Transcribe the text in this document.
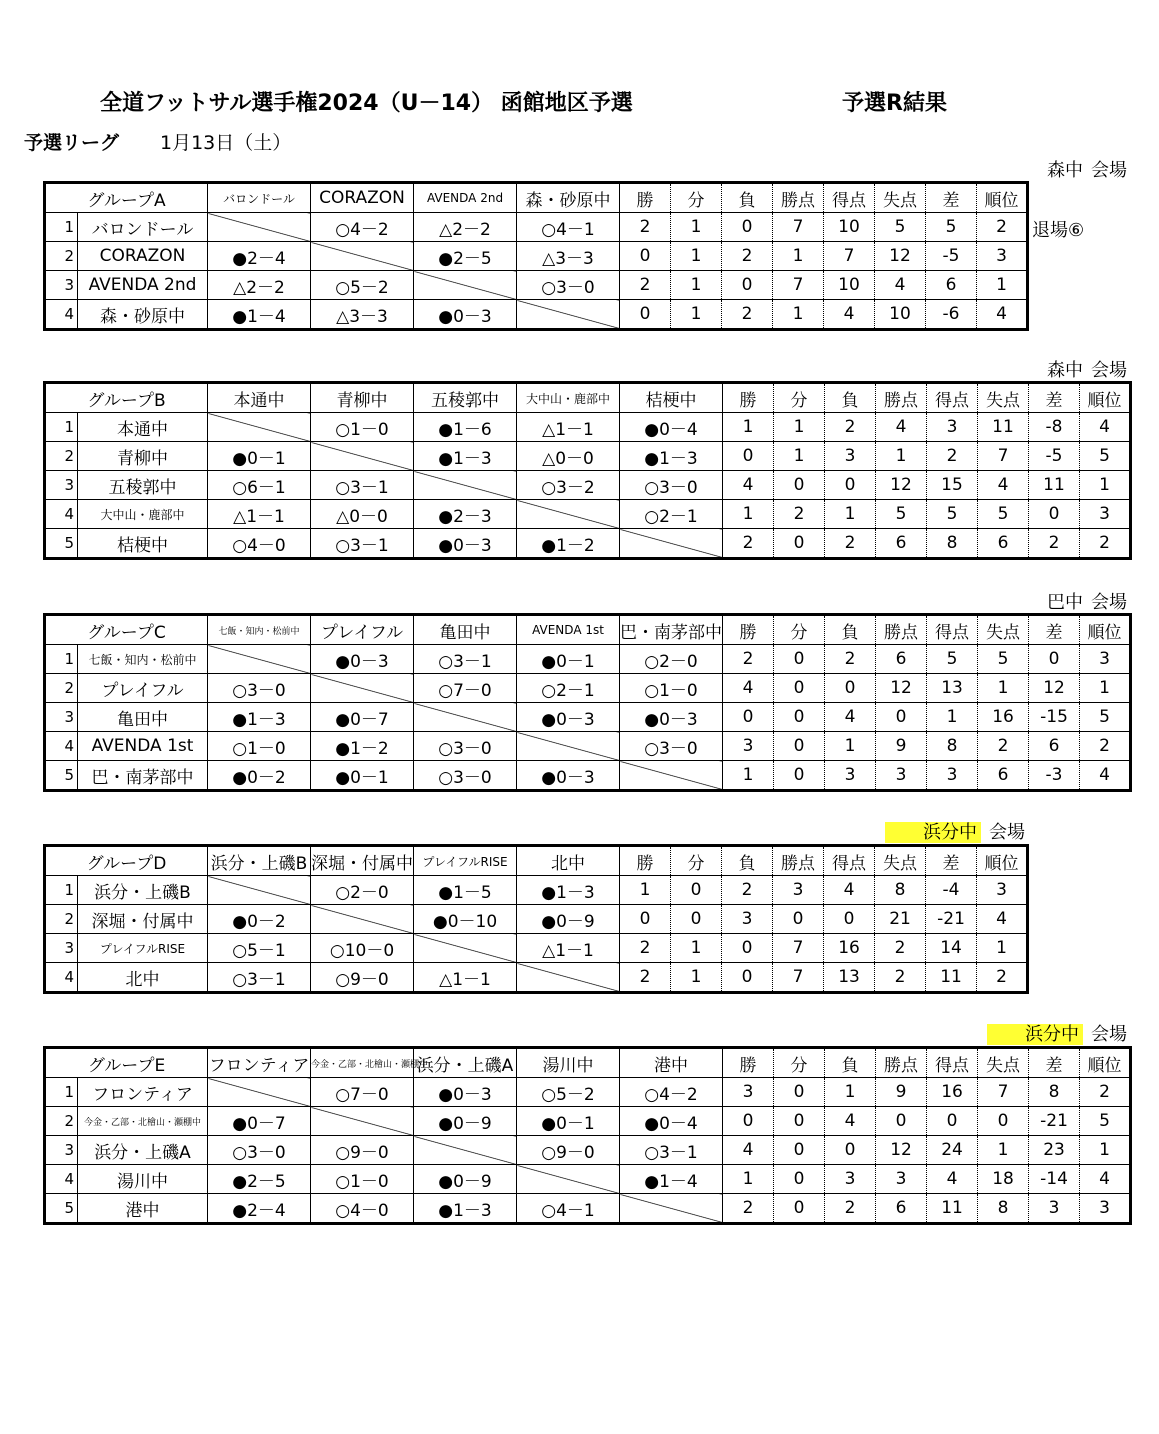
全道フットサル選手権2024（U－14） 函館地区予選	予選R結果
予選リーグ 1月13日（土）
森中 会場
グループA		バロンドール	CORAZON	AVENDA 2nd	森・砂原中	勝	分	負	勝点	得点	失点	差	順位
1	バロンドール		○4－2	△2－2	○4－1	2	1	0	7	10	5	5	2
2	CORAZON	●2－4		●2－5	△3－3	0	1	2	1	7	12	-5	3
3	AVENDA 2nd	△2－2	○5－2		○3－0	2	1	0	7	10	4	6	1
4	森・砂原中	●1－4	△3－3	●0－3		0	1	2	1	4	10	-6	4
退場⑥
森中 会場
グループB		本通中	青柳中	五稜郭中	大中山・鹿部中	桔梗中	勝	分	負	勝点	得点	失点	差	順位
1	本通中		○1－0	●1－6	△1－1	●0－4	1	1	2	4	3	11	-8	4
2	青柳中	●0－1		●1－3	△0－0	●1－3	0	1	3	1	2	7	-5	5
3	五稜郭中	○6－1	○3－1		○3－2	○3－0	4	0	0	12	15	4	11	1
4	大中山・鹿部中	△1－1	△0－0	●2－3		○2－1	1	2	1	5	5	5	0	3
5	桔梗中	○4－0	○3－1	●0－3	●1－2		2	0	2	6	8	6	2	2
巴中 会場
グループC		七飯・知内・松前中	プレイフル	亀田中	AVENDA 1st	巴・南茅部中	勝	分	負	勝点	得点	失点	差	順位
1	七飯・知内・松前中		●0－3	○3－1	●0－1	○2－0	2	0	2	6	5	5	0	3
2	プレイフル	○3－0		○7－0	○2－1	○1－0	4	0	0	12	13	1	12	1
3	亀田中	●1－3	●0－7		●0－3	●0－3	0	0	4	0	1	16	-15	5
4	AVENDA 1st	○1－0	●1－2	○3－0		○3－0	3	0	1	9	8	2	6	2
5	巴・南茅部中	●0－2	●0－1	○3－0	●0－3		1	0	3	3	3	6	-3	4
浜分中 会場
グループD		浜分・上磯B	深堀・付属中	プレイフルRISE	北中	勝	分	負	勝点	得点	失点	差	順位
1	浜分・上磯B		○2－0	●1－5	●1－3	1	0	2	3	4	8	-4	3
2	深堀・付属中	●0－2		●0－10	●0－9	0	0	3	0	0	21	-21	4
3	プレイフルRISE	○5－1	○10－0		△1－1	2	1	0	7	16	2	14	1
4	北中	○3－1	○9－0	△1－1		2	1	0	7	13	2	11	2
浜分中 会場
グループE		フロンティア	今金・乙部・北檜山・瀬棚中	浜分・上磯A	湯川中	港中	勝	分	負	勝点	得点	失点	差	順位
1	フロンティア		○7－0	●0－3	○5－2	○4－2	3	0	1	9	16	7	8	2
2	今金・乙部・北檜山・瀬棚中	●0－7		●0－9	●0－1	●0－4	0	0	4	0	0	0	-21	5
3	浜分・上磯A	○3－0	○9－0		○9－0	○3－1	4	0	0	12	24	1	23	1
4	湯川中	●2－5	○1－0	●0－9		●1－4	1	0	3	3	4	18	-14	4
5	港中	●2－4	○4－0	●1－3	○4－1		2	0	2	6	11	8	3	3
